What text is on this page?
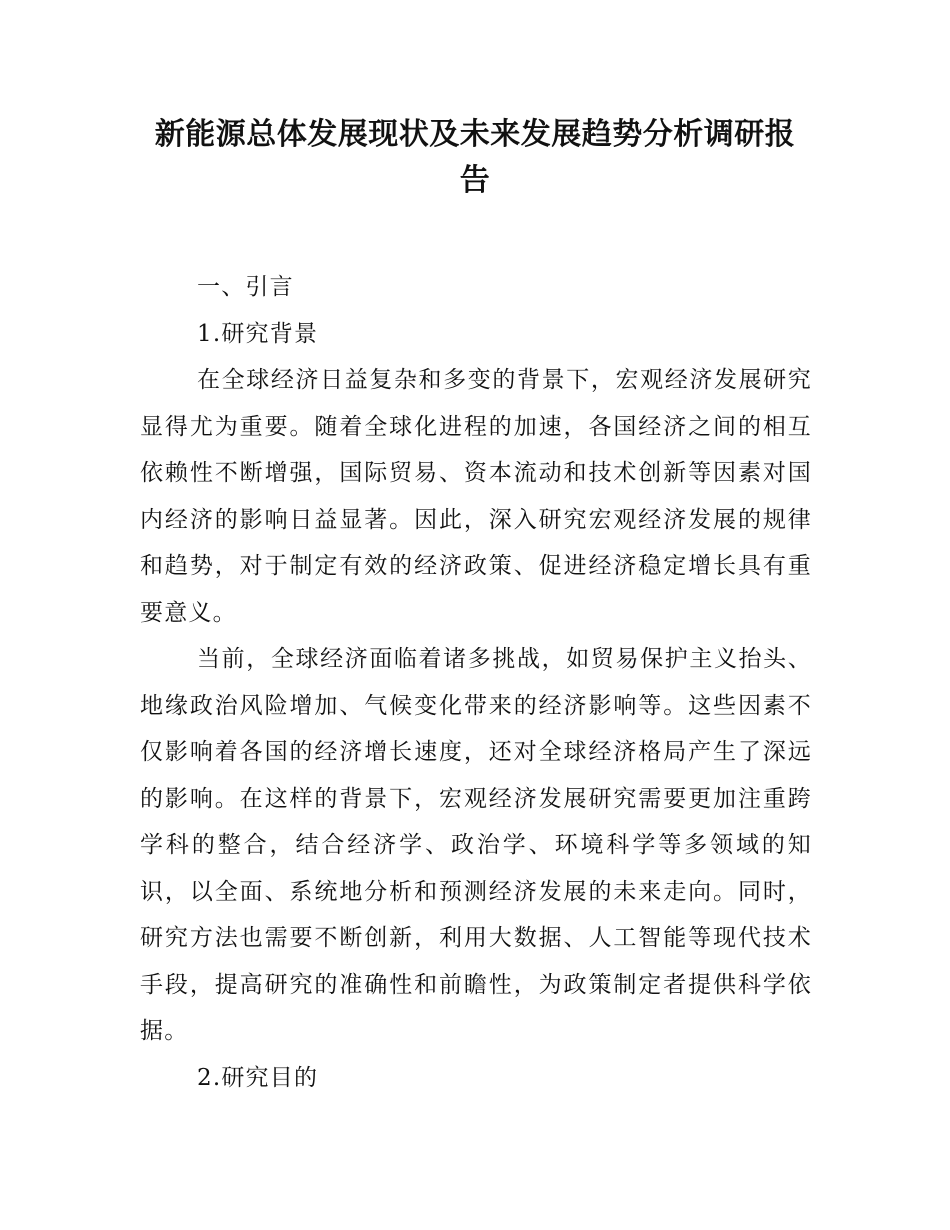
新能源总体发展现状及未来发展趋势分析调研报告

一、引言

1.研究背景

在全球经济日益复杂和多变的背景下，宏观经济发展研究显得尤为重要。随着全球化进程的加速，各国经济之间的相互依赖性不断增强，国际贸易、资本流动和技术创新等因素对国内经济的影响日益显著。因此，深入研究宏观经济发展的规律和趋势，对于制定有效的经济政策、促进经济稳定增长具有重要意义。

当前，全球经济面临着诸多挑战，如贸易保护主义抬头、地缘政治风险增加、气候变化带来的经济影响等。这些因素不仅影响着各国的经济增长速度，还对全球经济格局产生了深远的影响。在这样的背景下，宏观经济发展研究需要更加注重跨学科的整合，结合经济学、政治学、环境科学等多领域的知识，以全面、系统地分析和预测经济发展的未来走向。同时，研究方法也需要不断创新，利用大数据、人工智能等现代技术手段，提高研究的准确性和前瞻性，为政策制定者提供科学依据。

2.研究目的
